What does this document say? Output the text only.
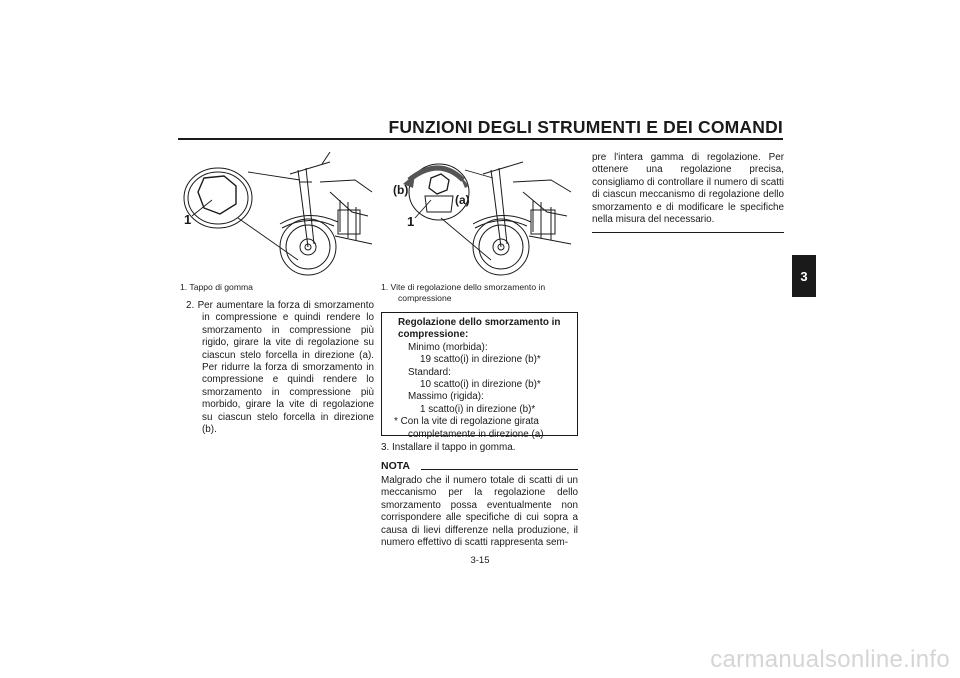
FUNZIONI DEGLI STRUMENTI E DEI COMANDI
3
1
(b)
(a)
1
1. Tappo di gomma	1. Vite di regolazione dello smorzamento in compressione
2. Per aumentare la forza di smorzamento in compressione e quindi rendere lo smorzamento in compressione più rigido, girare la vite di regolazione su ciascun stelo forcella in direzione (a). Per ridurre la forza di smorzamento in compressione e quindi rendere lo smorzamento in compressione più morbido, girare la vite di regolazione su ciascun stelo forcella in direzione (b).
Regolazione dello smorzamento in
compressione:
Minimo (morbida):
19 scatto(i) in direzione (b)*
Standard:
10 scatto(i) in direzione (b)*
Massimo (rigida):
1 scatto(i) in direzione (b)*
* Con la vite di regolazione girata
completamente in direzione (a)
3. Installare il tappo in gomma.
NOTA
Malgrado che il numero totale di scatti di un meccanismo per la regolazione dello smorzamento possa eventualmente non corrispondere alle specifiche di cui sopra a causa di lievi differenze nella produzione, il numero effettivo di scatti rappresenta sem-
pre l'intera gamma di regolazione. Per ottenere una regolazione precisa, consigliamo di controllare il numero di scatti di ciascun meccanismo di regolazione dello smorzamento e di modificare le specifiche nella misura del necessario.
3-15
carmanualsonline.info
